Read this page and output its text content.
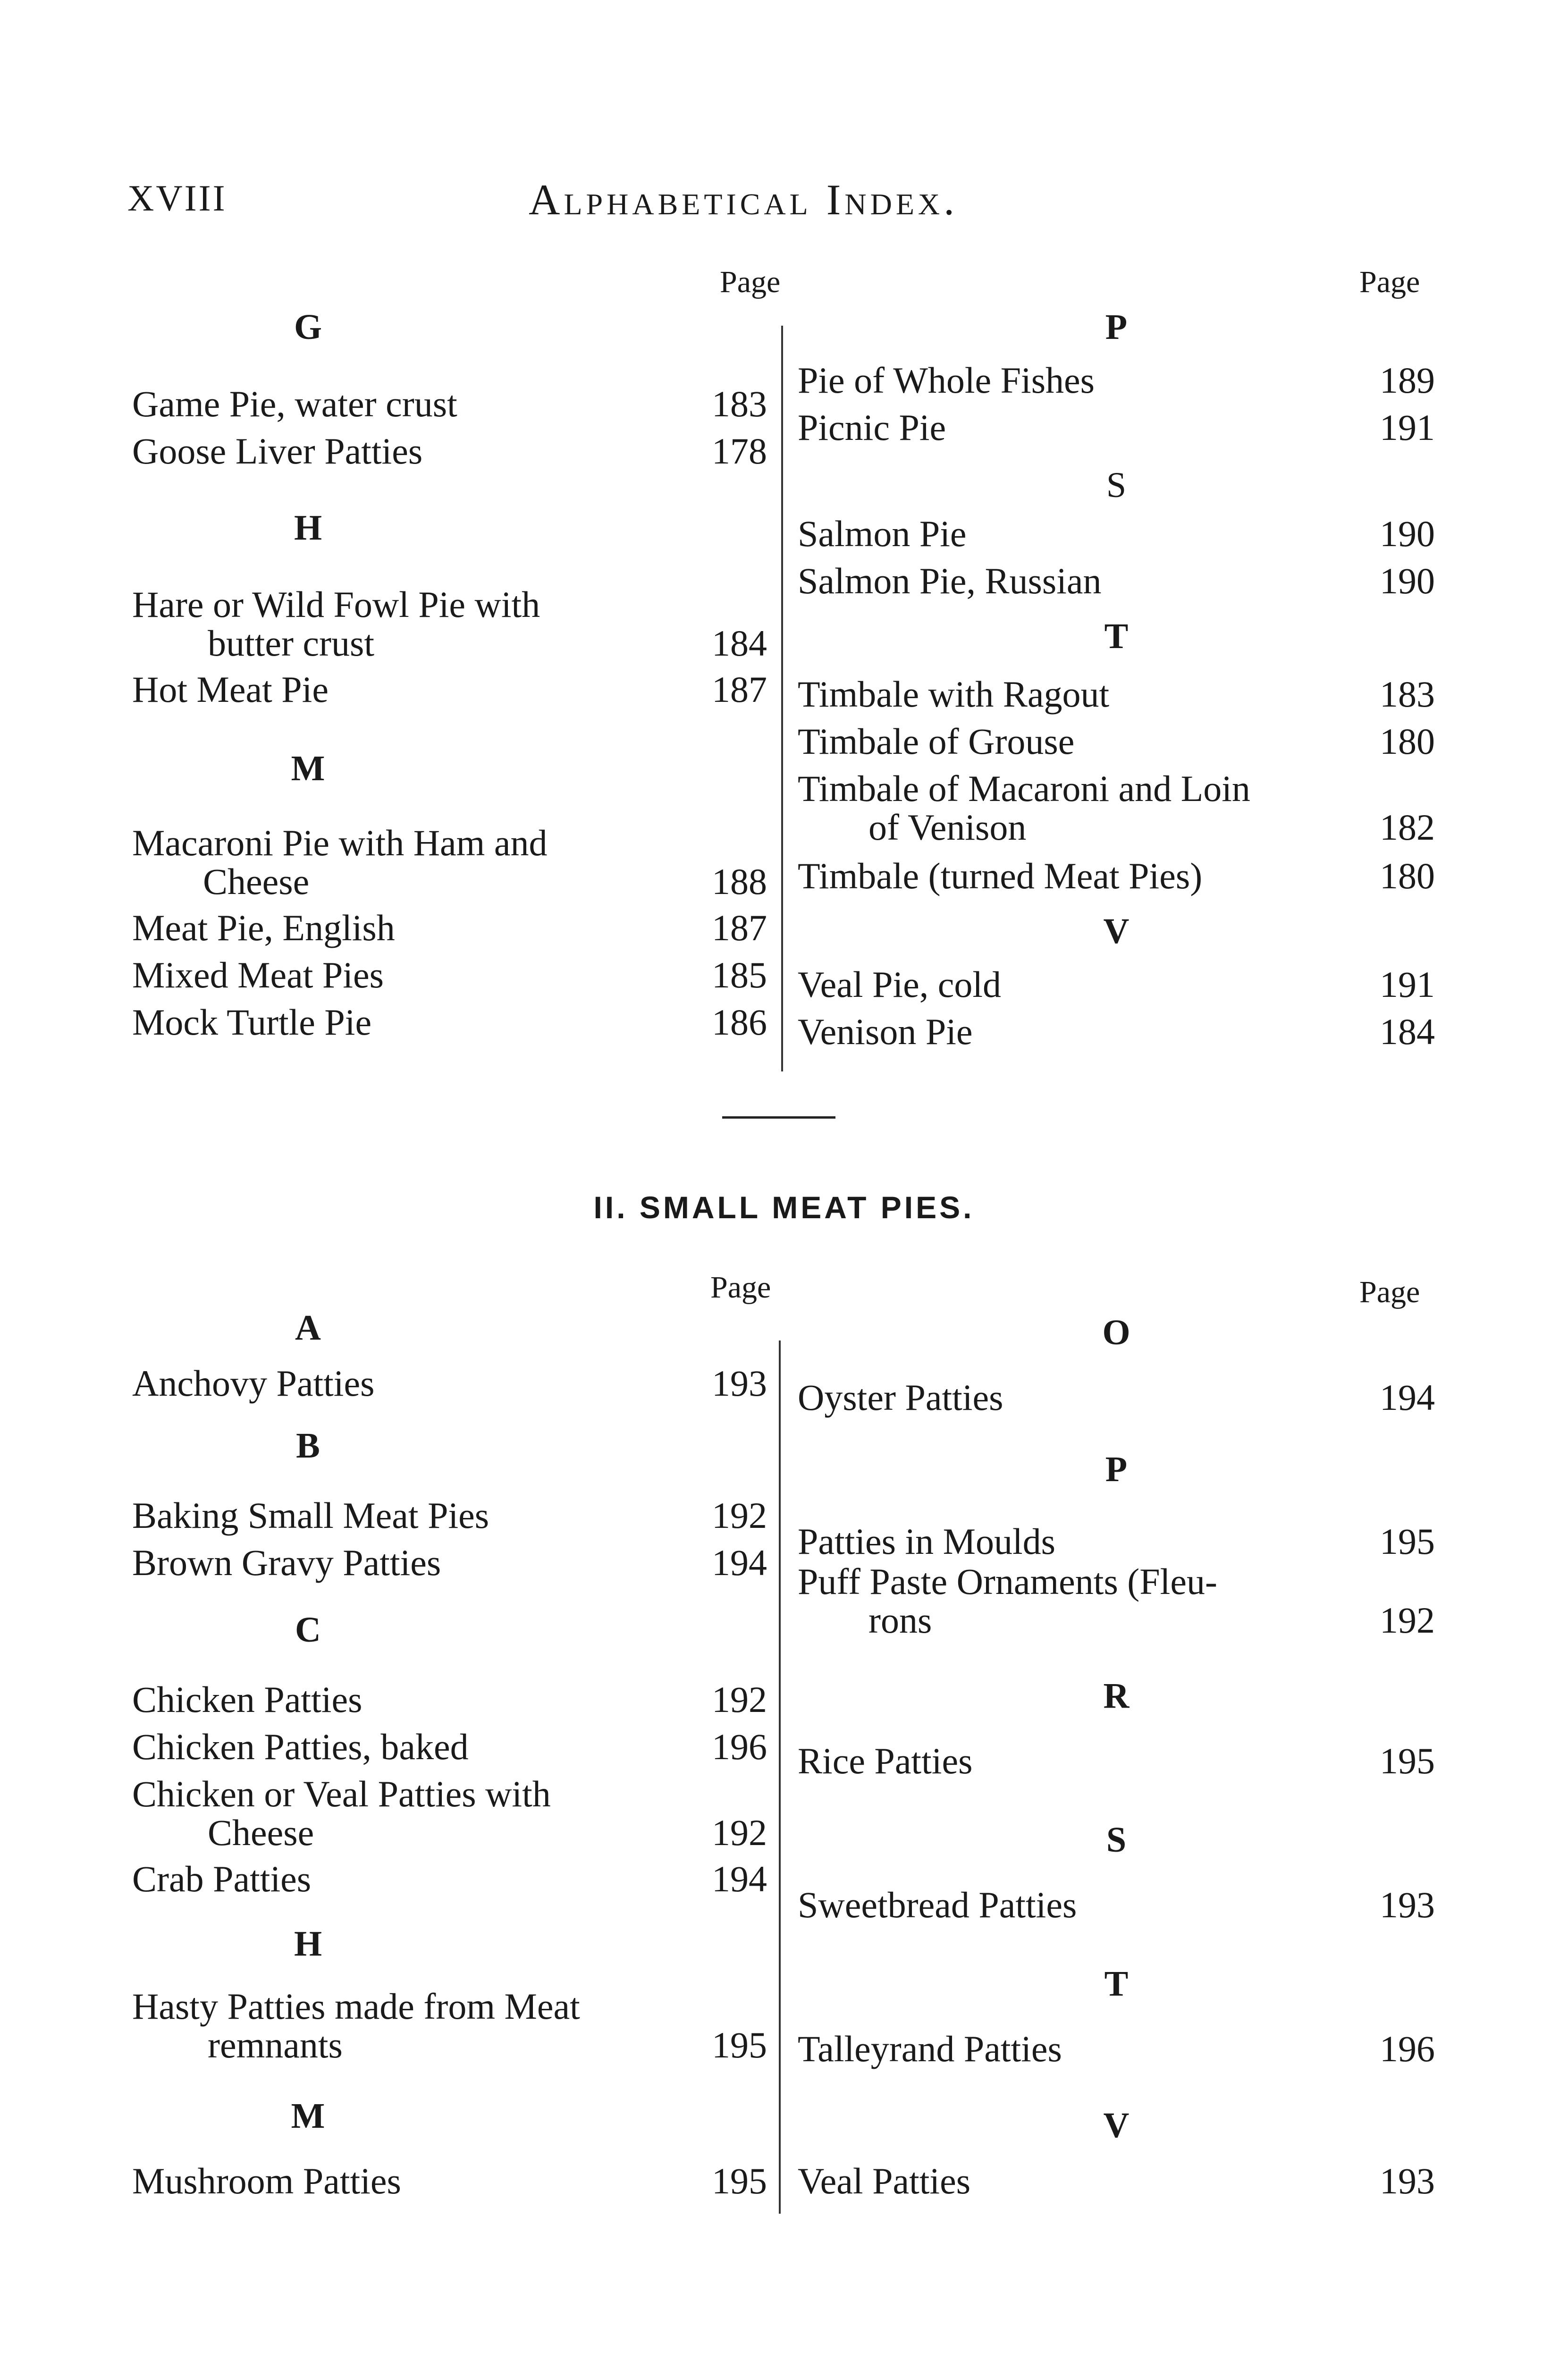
XVIII	Alphabetical Index.
Page	Page
G
Game Pie, water crust	183
Goose Liver Patties	178
H
Hare or Wild Fowl Pie with
butter crust	184
Hot Meat Pie	187
M
Macaroni Pie with Ham and
Cheese	188
Meat Pie, English	187
Mixed Meat Pies	185
Mock Turtle Pie	186
P
Pie of Whole Fishes	189
Picnic Pie	191
S
Salmon Pie	190
Salmon Pie, Russian	190
T
Timbale with Ragout	183
Timbale of Grouse	180
Timbale of Macaroni and Loin
of Venison	182
Timbale (turned Meat Pies)	180
V
Veal Pie, cold	191
Venison Pie	184
II. SMALL MEAT PIES.
Page	Page
A
Anchovy Patties	193
B
Baking Small Meat Pies	192
Brown Gravy Patties	194
C
Chicken Patties	192
Chicken Patties, baked	196
Chicken or Veal Patties with
Cheese	192
Crab Patties	194
H
Hasty Patties made from Meat
remnants	195
M
Mushroom Patties	195
O
Oyster Patties	194
P
Patties in Moulds	195
Puff Paste Ornaments (Fleu-
rons	192
R
Rice Patties	195
S
Sweetbread Patties	193
T
Talleyrand Patties	196
V
Veal Patties	193
